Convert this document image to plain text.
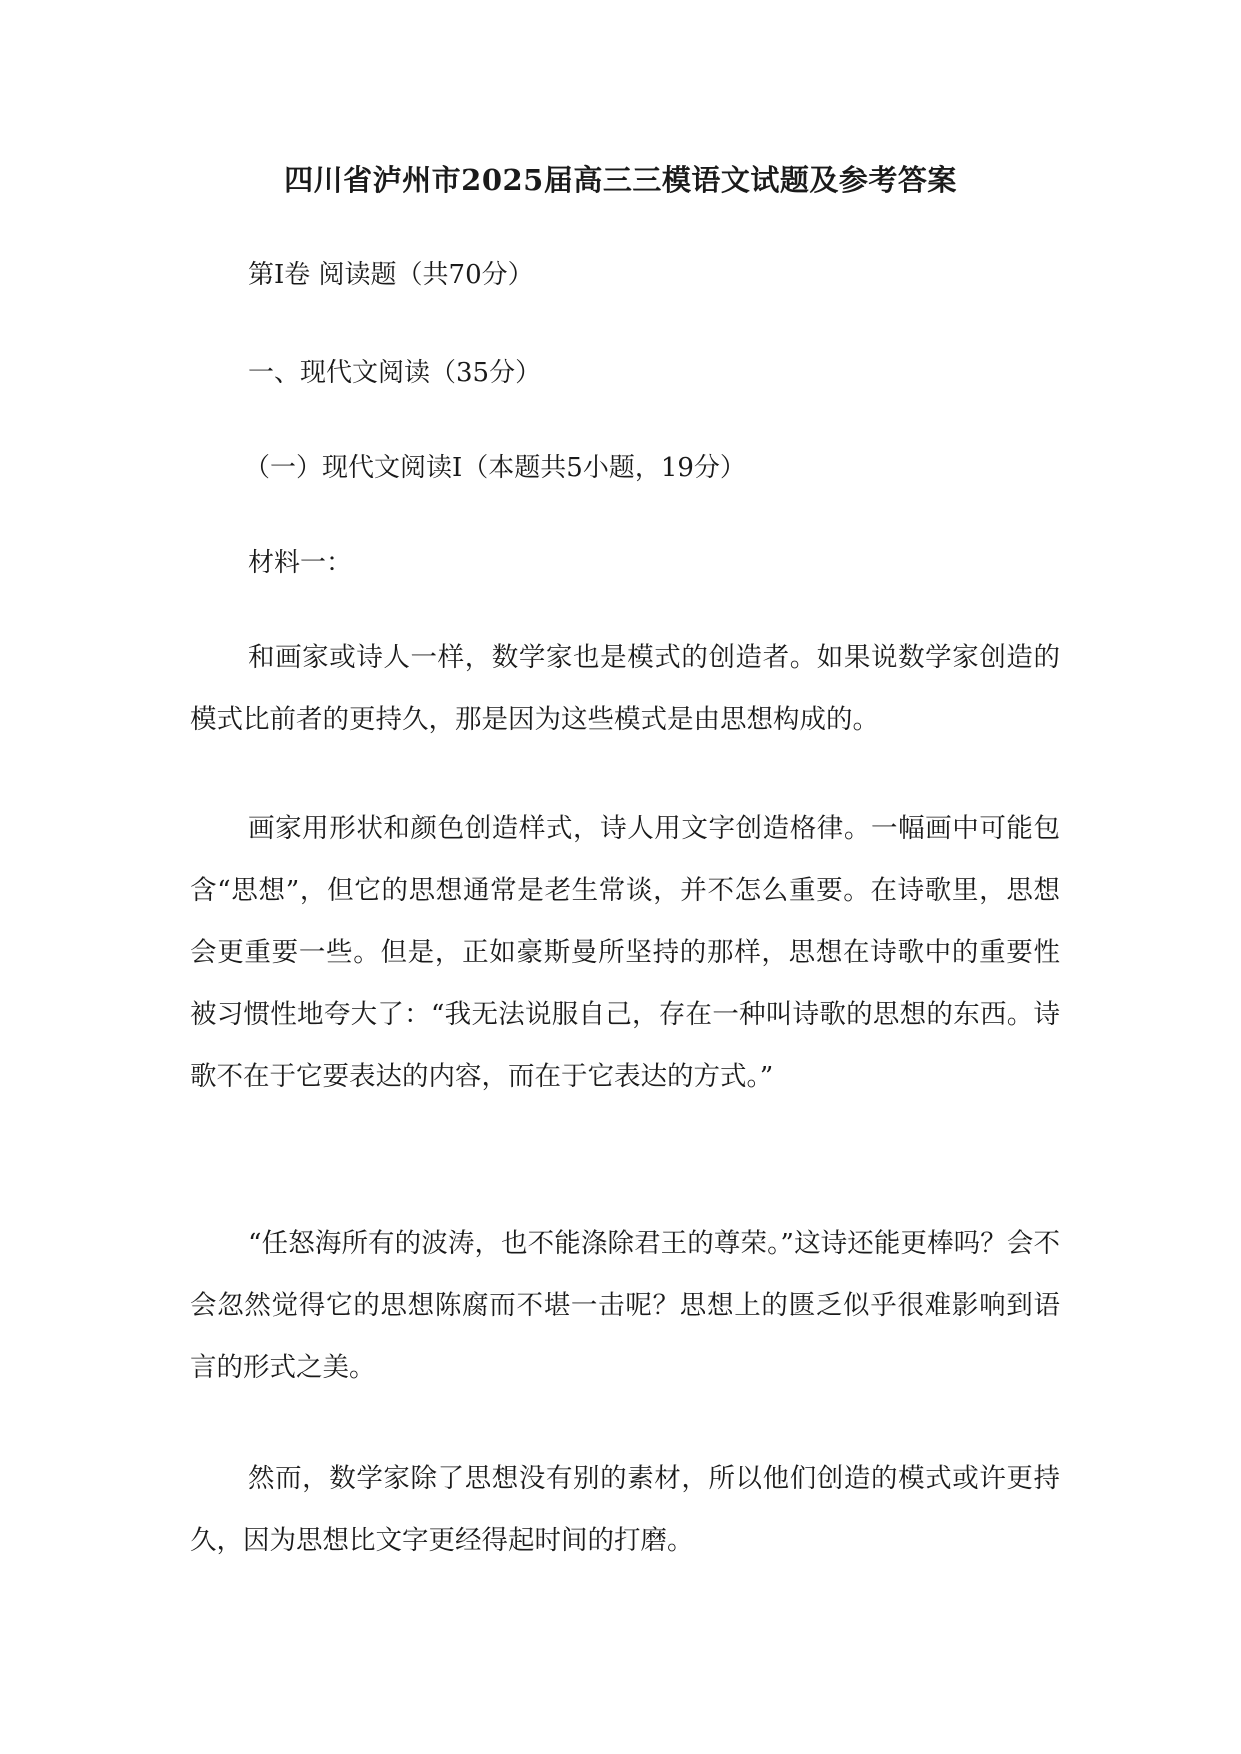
四川省泸州市2025届高三三模语文试题及参考答案

第Ⅰ卷 阅读题（共70分）

一、现代文阅读（35分）

（一）现代文阅读Ⅰ（本题共5小题，19分）

材料一：

和画家或诗人一样，数学家也是模式的创造者。如果说数学家创造的模式比前者的更持久，那是因为这些模式是由思想构成的。

画家用形状和颜色创造样式，诗人用文字创造格律。一幅画中可能包含“思想”，但它的思想通常是老生常谈，并不怎么重要。在诗歌里，思想会更重要一些。但是，正如豪斯曼所坚持的那样，思想在诗歌中的重要性被习惯性地夸大了：“我无法说服自己，存在一种叫诗歌的思想的东西。诗歌不在于它要表达的内容，而在于它表达的方式。”

“任怒海所有的波涛，也不能涤除君王的尊荣。”这诗还能更棒吗？会不会忽然觉得它的思想陈腐而不堪一击呢？思想上的匮乏似乎很难影响到语言的形式之美。

然而，数学家除了思想没有别的素材，所以他们创造的模式或许更持久，因为思想比文字更经得起时间的打磨。
